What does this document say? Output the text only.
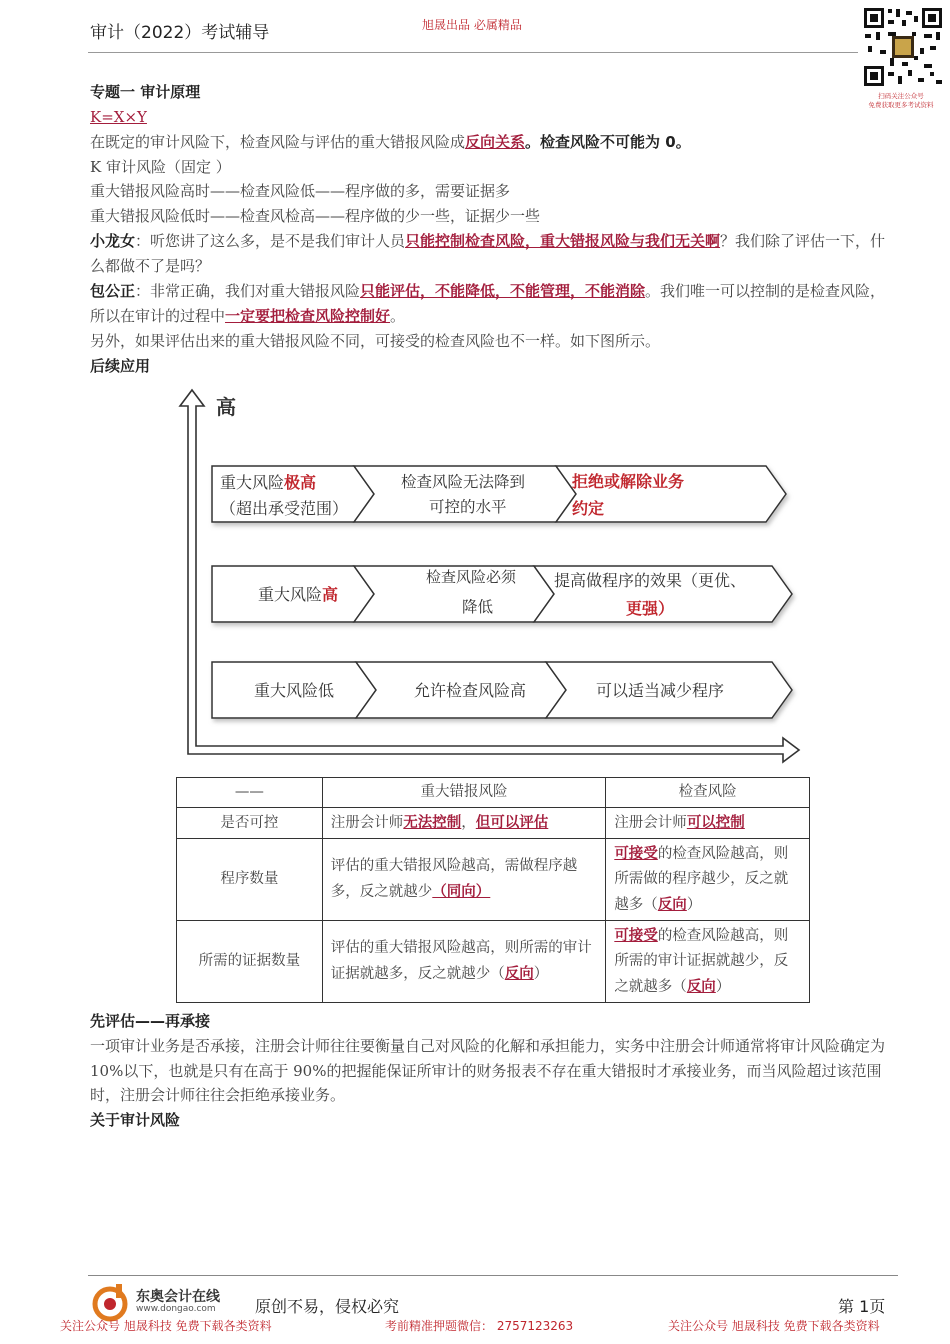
审计（2022）考试辅导	旭晟出品 必属精品
扫码关注公众号
免费获取更多考试资料
专题一 审计原理
K=X×Y
在既定的审计风险下，检查风险与评估的重大错报风险成反向关系。检查风险不可能为 0。
K 审计风险（固定 ）
重大错报风险高时——检查风险低——程序做的多，需要证据多
重大错报风险低时——检查风检高——程序做的少一些，证据少一些
小龙女：听您讲了这么多，是不是我们审计人员只能控制检查风险，重大错报风险与我们无关啊？我们除了评估一下，什么都做不了是吗？
包公正：非常正确，我们对重大错报风险只能评估，不能降低，不能管理，不能消除。我们唯一可以控制的是检查风险，所以在审计的过程中一定要把检查风险控制好。
另外，如果评估出来的重大错报风险不同，可接受的检查风险也不一样。如下图所示。
后续应用
高
重大风险极高
（超出承受范围）
检查风险无法降到
可控的水平
拒绝或解除业务
约定
重大风险高
检查风险必须
降低
提高做程序的效果（更优、
更强）
重大风险低	允许检查风险高	可以适当减少程序
——	重大错报风险	检查风险
是否可控	注册会计师无法控制，但可以评估	注册会计师可以控制
程序数量	评估的重大错报风险越高，需做程序越多，反之就越少（同向）	可接受的检查风险越高，则所需做的程序越少，反之就越多（反向）
所需的证据数量	评估的重大错报风险越高，则所需的审计证据就越多，反之就越少（反向）	可接受的检查风险越高，则所需的审计证据就越少，反之就越多（反向）
先评估——再承接
一项审计业务是否承接，注册会计师往往要衡量自己对风险的化解和承担能力，实务中注册会计师通常将审计风险确定为 10%以下，也就是只有在高于 90%的把握能保证所审计的财务报表不存在重大错报时才承接业务，而当风险超过该范围时，注册会计师往往会拒绝承接业务。
关于审计风险
东奥会计在线
www.dongao.com 原创不易，侵权必究	第 1页
关注公众号 旭晟科技 免费下载各类资料	考前精准押题微信： 2757123263	关注公众号 旭晟科技 免费下载各类资料
